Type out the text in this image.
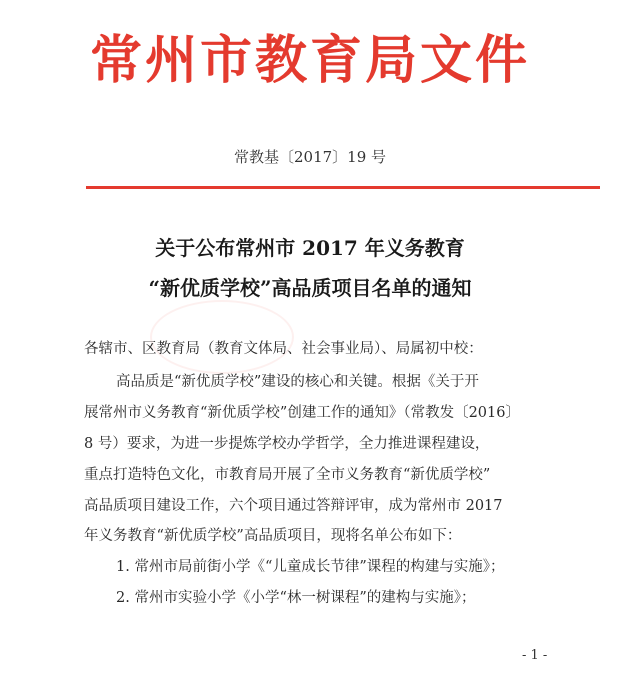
常州市教育局文件
常教基〔2017〕19 号
关于公布常州市 2017 年义务教育
“新优质学校”高品质项目名单的通知
各辖市、区教育局（教育文体局、社会事业局）、局属初中校：
高品质是“新优质学校”建设的核心和关键。根据《关于开
展常州市义务教育“新优质学校”创建工作的通知》（常教发〔2016〕
8 号）要求，为进一步提炼学校办学哲学，全力推进课程建设，
重点打造特色文化，市教育局开展了全市义务教育“新优质学校”
高品质项目建设工作，六个项目通过答辩评审，成为常州市 2017
年义务教育“新优质学校”高品质项目，现将名单公布如下：
1. 常州市局前街小学《“儿童成长节律”课程的构建与实施》；
2. 常州市实验小学《小学“林一树课程”的建构与实施》；
- 1 -
